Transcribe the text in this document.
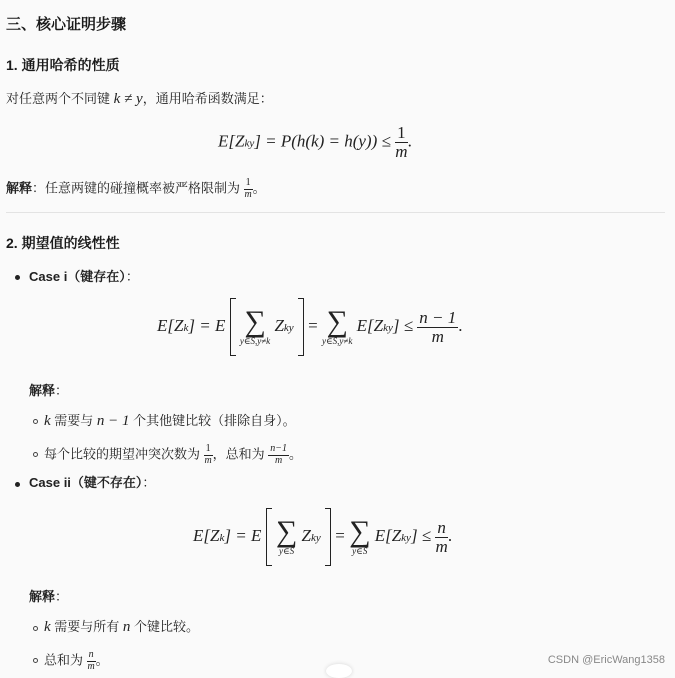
三、核心证明步骤
1. 通用哈希的性质

对任意两个不同键 k ≠ y，通用哈希函数满足：

$E[Zky] = P(h(k) = h(y)) \le \frac{1}{m}$ .

解释：任意两键的碰撞概率被严格限制为 $\frac{1}{m}$ 。

2. 期望值的线性性

Case i（键存在）：

E[Zk] = E ∑
y∈S,y≠k
Zky = ∑
y∈S,y≠k
$E[Zky] \le \frac{n - 1}{m}$ .

解释：

k 需要与 n − 1 个其他键比较（排除自身）。

每个比较的期望冲突次数为 $\frac{1}{m}$ ，总和为 $\frac{n-1}{m}$ 。

Case ii（键不存在）：

E[Zk] = E ∑
y∈S
Zky = ∑
y∈S
$E[Zky] \le \frac{n}{m}$ .

解释：

k 需要与所有 n 个键比较。

总和为 $\frac{n}{m}$ 。	CSDN @EricWang1358
